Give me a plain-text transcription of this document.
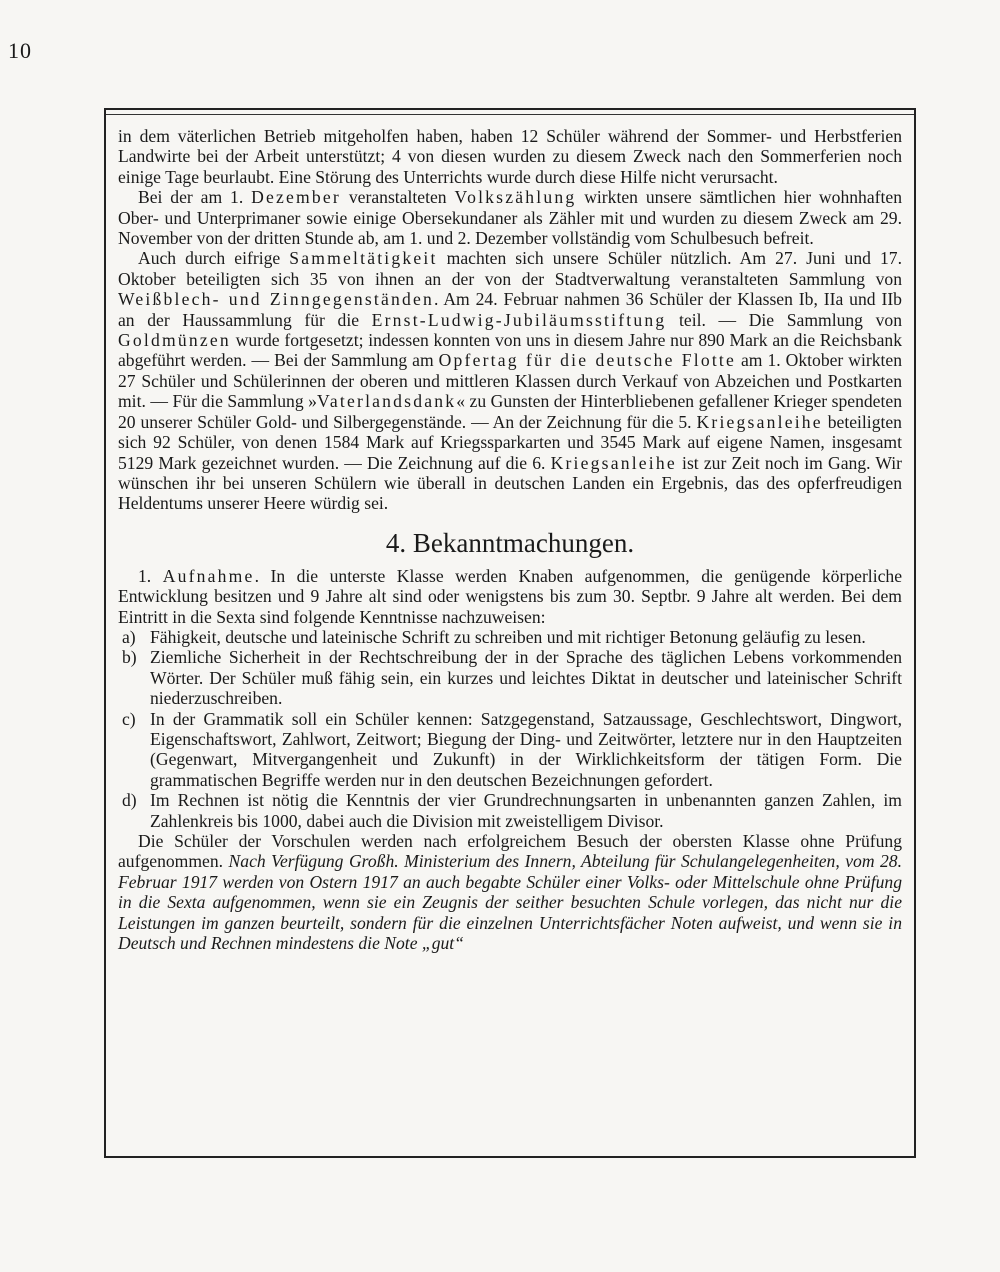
10

in dem väterlichen Betrieb mitgeholfen haben, haben 12 Schüler während der Sommer- und Herbstferien Landwirte bei der Arbeit unterstützt; 4 von diesen wurden zu diesem Zweck nach den Sommerferien noch einige Tage beurlaubt. Eine Störung des Unterrichts wurde durch diese Hilfe nicht verursacht.

Bei der am 1. Dezember veranstalteten Volkszählung wirkten unsere sämtlichen hier wohnhaften Ober- und Unterprimaner sowie einige Obersekundaner als Zähler mit und wurden zu diesem Zweck am 29. November von der dritten Stunde ab, am 1. und 2. Dezember vollständig vom Schulbesuch befreit.

Auch durch eifrige Sammeltätigkeit machten sich unsere Schüler nützlich. Am 27. Juni und 17. Oktober beteiligten sich 35 von ihnen an der von der Stadtverwaltung veranstalteten Sammlung von Weißblech- und Zinngegenständen. Am 24. Februar nahmen 36 Schüler der Klassen Ib, IIa und IIb an der Haussammlung für die Ernst-Ludwig-Jubiläumsstiftung teil. — Die Sammlung von Goldmünzen wurde fortgesetzt; indessen konnten von uns in diesem Jahre nur 890 Mark an die Reichsbank abgeführt werden. — Bei der Sammlung am Opfertag für die deutsche Flotte am 1. Oktober wirkten 27 Schüler und Schülerinnen der oberen und mittleren Klassen durch Verkauf von Abzeichen und Postkarten mit. — Für die Sammlung »Vaterlandsdank« zu Gunsten der Hinterbliebenen gefallener Krieger spendeten 20 unserer Schüler Gold- und Silbergegenstände. — An der Zeichnung für die 5. Kriegsanleihe beteiligten sich 92 Schüler, von denen 1584 Mark auf Kriegssparkarten und 3545 Mark auf eigene Namen, insgesamt 5129 Mark gezeichnet wurden. — Die Zeichnung auf die 6. Kriegsanleihe ist zur Zeit noch im Gang. Wir wünschen ihr bei unseren Schülern wie überall in deutschen Landen ein Ergebnis, das des opferfreudigen Heldentums unserer Heere würdig sei.

4. Bekanntmachungen.

1. Aufnahme. In die unterste Klasse werden Knaben aufgenommen, die genügende körperliche Entwicklung besitzen und 9 Jahre alt sind oder wenigstens bis zum 30. Septbr. 9 Jahre alt werden. Bei dem Eintritt in die Sexta sind folgende Kenntnisse nachzuweisen:

a) Fähigkeit, deutsche und lateinische Schrift zu schreiben und mit richtiger Betonung geläufig zu lesen.
b) Ziemliche Sicherheit in der Rechtschreibung der in der Sprache des täglichen Lebens vorkommenden Wörter. Der Schüler muß fähig sein, ein kurzes und leichtes Diktat in deutscher und lateinischer Schrift niederzuschreiben.
c) In der Grammatik soll ein Schüler kennen: Satzgegenstand, Satzaussage, Geschlechtswort, Dingwort, Eigenschaftswort, Zahlwort, Zeitwort; Biegung der Ding- und Zeitwörter, letztere nur in den Hauptzeiten (Gegenwart, Mitvergangenheit und Zukunft) in der Wirklichkeitsform der tätigen Form. Die grammatischen Begriffe werden nur in den deutschen Bezeichnungen gefordert.
d) Im Rechnen ist nötig die Kenntnis der vier Grundrechnungsarten in unbenannten ganzen Zahlen, im Zahlenkreis bis 1000, dabei auch die Division mit zweistelligem Divisor.

Die Schüler der Vorschulen werden nach erfolgreichem Besuch der obersten Klasse ohne Prüfung aufgenommen. Nach Verfügung Großh. Ministerium des Innern, Abteilung für Schulangelegenheiten, vom 28. Februar 1917 werden von Ostern 1917 an auch begabte Schüler einer Volks- oder Mittelschule ohne Prüfung in die Sexta aufgenommen, wenn sie ein Zeugnis der seither besuchten Schule vorlegen, das nicht nur die Leistungen im ganzen beurteilt, sondern für die einzelnen Unterrichtsfächer Noten aufweist, und wenn sie in Deutsch und Rechnen mindestens die Note „gut“
